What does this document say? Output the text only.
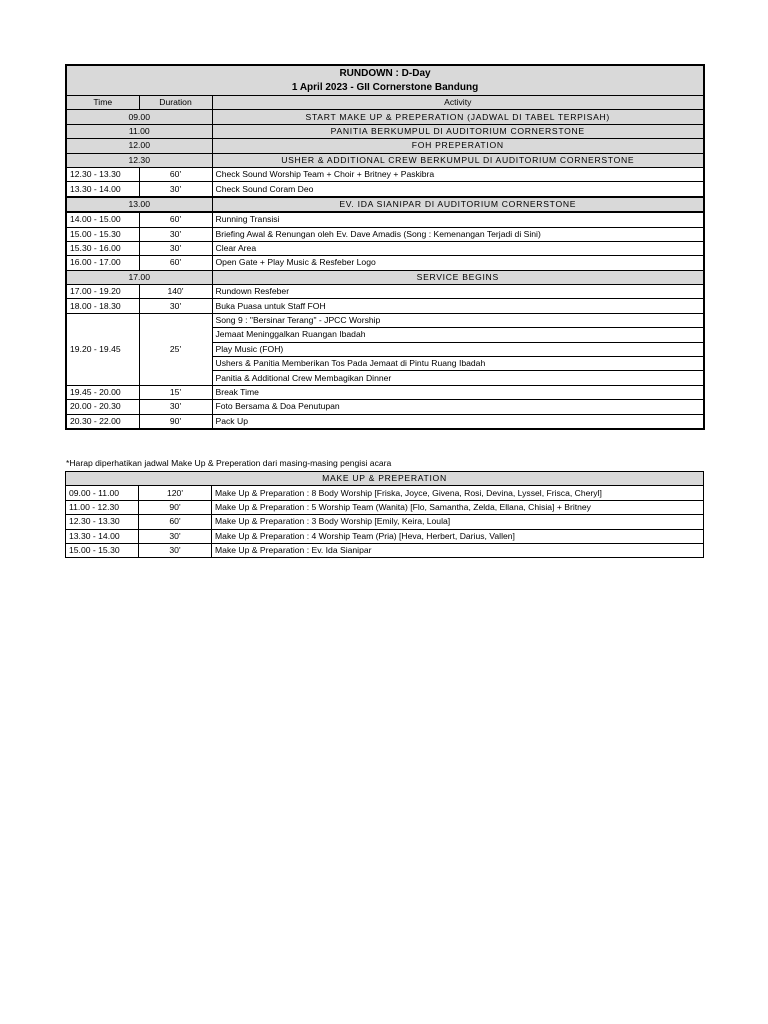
RUNDOWN : D-Day
1 April 2023 - GII Cornerstone Bandung		

Time	Duration	Activity
09.00		START MAKE UP & PREPERATION (JADWAL DI TABEL TERPISAH)
11.00		PANITIA BERKUMPUL DI AUDITORIUM CORNERSTONE
12.00		FOH PREPERATION
12.30		USHER & ADDITIONAL CREW BERKUMPUL DI AUDITORIUM CORNERSTONE
12.30 - 13.30	60'	Check Sound Worship Team + Choir + Britney + Paskibra
13.30 - 14.00	30'	Check Sound Coram Deo
13.00		EV. IDA SIANIPAR DI AUDITORIUM CORNERSTONE
14.00 - 15.00	60'	Running Transisi
15.00 - 15.30	30'	Briefing Awal & Renungan oleh Ev. Dave Amadis (Song : Kemenangan Terjadi di Sini)
15.30 - 16.00	30'	Clear Area
16.00 - 17.00	60'	Open Gate + Play Music & Resfeber Logo
17.00		SERVICE BEGINS
17.00 - 19.20	140'	Rundown Resfeber
18.00 - 18.30	30'	Buka Puasa untuk Staff FOH
19.20 - 19.45	25'	Song 9 : "Bersinar Terang" - JPCC Worship
		Jemaat Meninggalkan Ruangan Ibadah
		Play Music (FOH)
		Ushers & Panitia Memberikan Tos Pada Jemaat di Pintu Ruang Ibadah
		Panitia & Additional Crew Membagikan Dinner
19.45 - 20.00	15'	Break Time
20.00 - 20.30	30'	Foto Bersama & Doa Penutupan
20.30 - 22.00	90'	Pack Up
*Harap diperhatikan jadwal Make Up & Preperation dari masing-masing pengisi acara
MAKE UP & PREPERATION		
09.00 - 11.00	120'	Make Up & Preparation : 8 Body Worship [Friska, Joyce, Givena, Rosi, Devina, Lyssel, Frisca, Cheryl]
11.00 - 12.30	90'	Make Up & Preparation : 5 Worship Team (Wanita) [Flo, Samantha, Zelda, Ellana, Chisia] + Britney
12.30 - 13.30	60'	Make Up & Preparation : 3 Body Worship [Emily, Keira, Loula]
13.30 - 14.00	30'	Make Up & Preparation : 4 Worship Team (Pria) [Heva, Herbert, Darius, Vallen]
15.00 - 15.30	30'	Make Up & Preparation : Ev. Ida Sianipar
